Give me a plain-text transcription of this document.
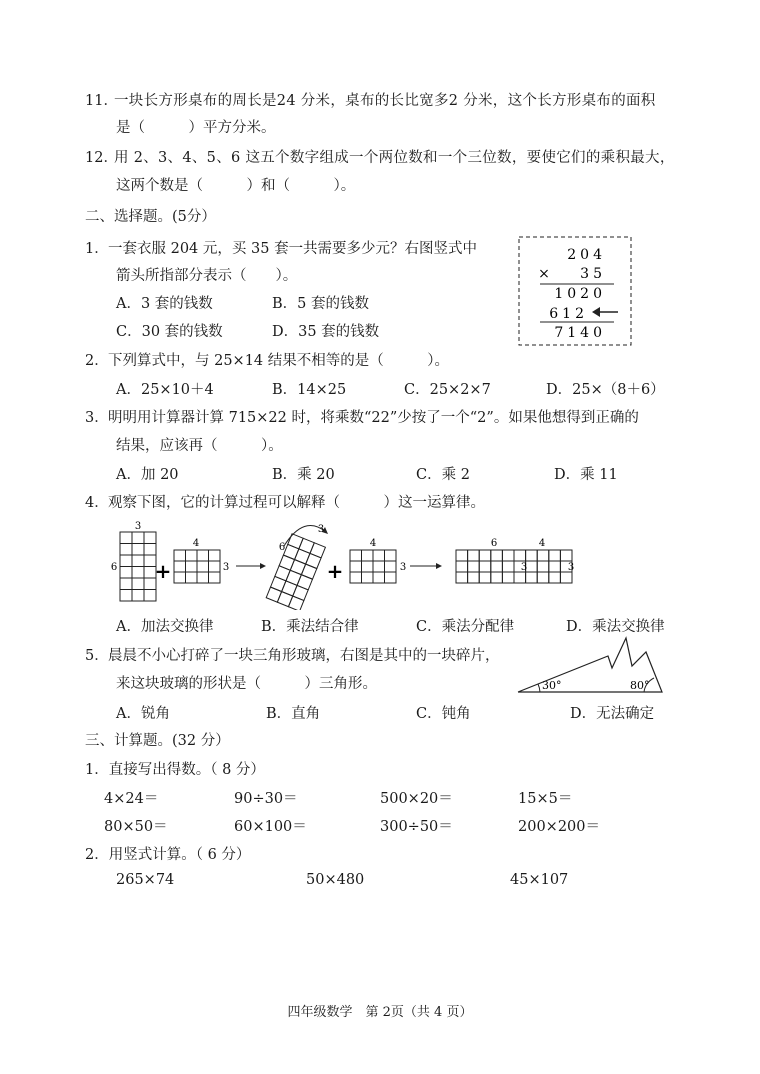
11．
一块长方形桌布的周长是24 分米，桌布的长比宽多2 分米，这个长方形桌布的面积
是（　　　）平方分米。
12．
用 2、3、4、5、6 这五个数字组成一个两位数和一个三位数，要使它们的乘积最大，
这两个数是（　　　）和（　　　）。
二、选择题。(5分）
1． 一套衣服 204 元，买 35 套一共需要多少元？右图竖式中
箭头所指部分表示（　　）。
A．3 套的钱数	B．5 套的钱数
C．30 套的钱数	D．35 套的钱数
204
× 35
1020
612
7140
2． 下列算式中，与 25×14 结果不相等的是（　　　）。
A．25×10＋4	B．14×25	C．25×2×7	D．25×（8＋6）
3． 明明用计算器计算 715×22 时，将乘数“22”少按了一个“2”。如果他想得到正确的
结果，应该再（　　　）。
A．加 20	B．乘 20	C．乘 2	D．乘 11
4． 观察下图，它的计算过程可以解释（　　　）这一运算律。
3
6 +
4
3
6
3
+
4
3
6	4
3	3
A．加法交换律	B．乘法结合律	C．乘法分配律	D．乘法交换律
5． 晨晨不小心打碎了一块三角形玻璃，右图是其中的一块碎片，
来这块玻璃的形状是（　　　）三角形。	30°	80°
A．锐角	B．直角	C．钝角	D．无法确定
三、计算题。(32 分）
1．直接写出得数。（ 8 分）
4×24＝	90÷30＝	500×20＝	15×5＝
80×50＝	60×100＝	300÷50＝	200×200＝
2．用竖式计算。（ 6 分）
265×74	50×480	45×107
四年级数学　第 2页（共 4 页）
